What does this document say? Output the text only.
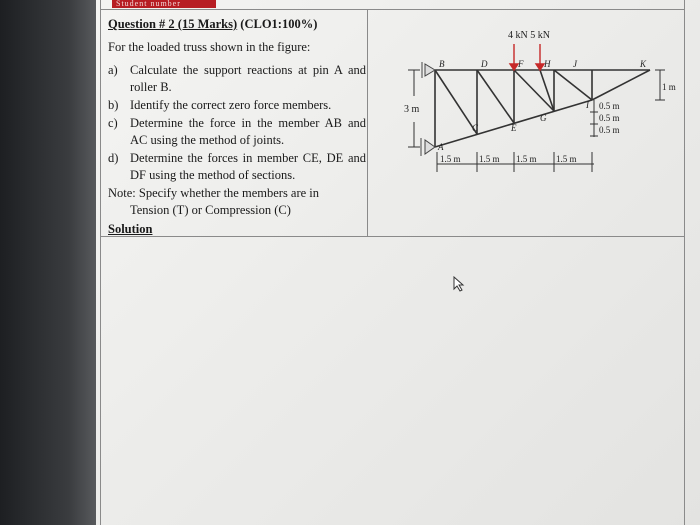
Student number
Question # 2 (15 Marks) (CLO1:100%)
For the loaded truss shown in the figure:
a) Calculate the support reactions at pin A and roller B.
b) Identify the correct zero force members.
c) Determine the force in the member AB and AC using the method of joints.
d) Determine the forces in member CE, DE and DF using the method of sections.
Note: Specify whether the members are in
Tension (T) or Compression (C)
Solution
3 m
1 m
0.5 m
0.5 m
0.5 m
1.5 m 1.5 m 1.5 m 1.5 m
4 kN 5 kN
B	D	F H	J	K
A
C	E
G
I
